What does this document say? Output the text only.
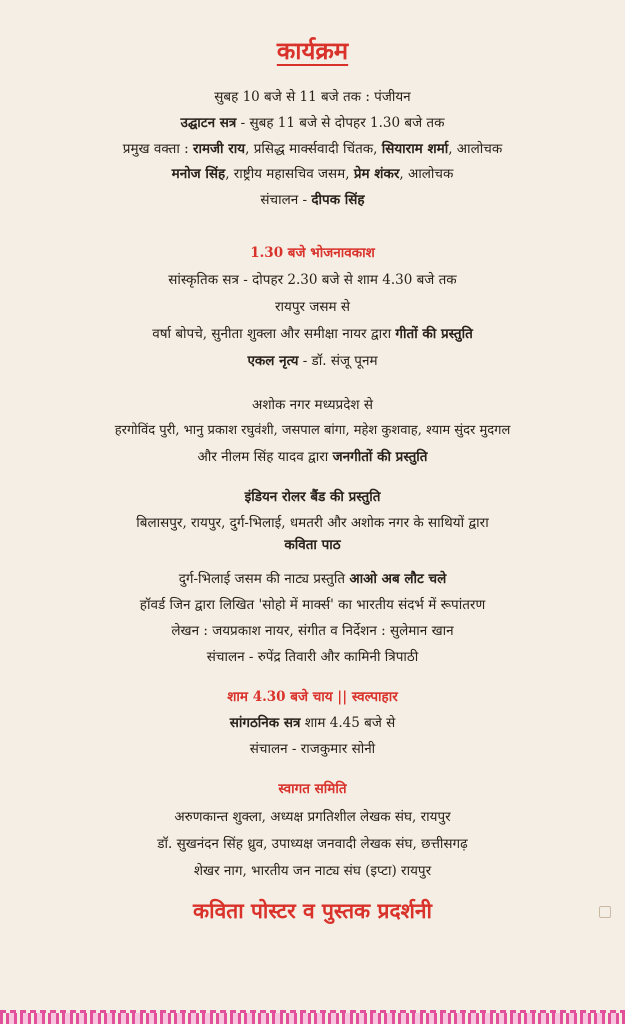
कार्यक्रम
सुबह 10 बजे से 11 बजे तक : पंजीयन
उद्घाटन सत्र - सुबह 11 बजे से दोपहर 1.30 बजे तक
प्रमुख वक्ता : रामजी राय, प्रसिद्ध मार्क्सवादी चिंतक, सियाराम शर्मा, आलोचक
मनोज सिंह, राष्ट्रीय महासचिव जसम, प्रेम शंकर, आलोचक
संचालन - दीपक सिंह
1.30 बजे भोजनावकाश
सांस्कृतिक सत्र - दोपहर 2.30 बजे से शाम 4.30 बजे तक
रायपुर जसम से
वर्षा बोपचे, सुनीता शुक्ला और समीक्षा नायर द्वारा गीतों की प्रस्तुति
एकल नृत्य - डॉ. संजू पूनम
अशोक नगर मध्यप्रदेश से
हरगोविंद पुरी, भानु प्रकाश रघुवंशी, जसपाल बांगा, महेश कुशवाह, श्याम सुंदर मुदगल
और नीलम सिंह यादव द्वारा जनगीतों की प्रस्तुति
इंडियन रोलर बैंड की प्रस्तुति
बिलासपुर, रायपुर, दुर्ग-भिलाई, धमतरी और अशोक नगर के साथियों द्वारा
कविता पाठ
दुर्ग-भिलाई जसम की नाट्य प्रस्तुति आओ अब लौट चले
हॉवर्ड जिन द्वारा लिखित 'सोहो में मार्क्स' का भारतीय संदर्भ में रूपांतरण
लेखन : जयप्रकाश नायर, संगीत व निर्देशन : सुलेमान खान
संचालन - रुपेंद्र तिवारी और कामिनी त्रिपाठी
शाम 4.30 बजे चाय || स्वल्पाहार
सांगठनिक सत्र शाम 4.45 बजे से
संचालन - राजकुमार सोनी
स्वागत समिति
अरुणकान्त शुक्ला, अध्यक्ष प्रगतिशील लेखक संघ, रायपुर
डॉ. सुखनंदन सिंह ध्रुव, उपाध्यक्ष जनवादी लेखक संघ, छत्तीसगढ़
शेखर नाग, भारतीय जन नाट्य संघ (इप्टा) रायपुर
कविता पोस्टर व पुस्तक प्रदर्शनी
